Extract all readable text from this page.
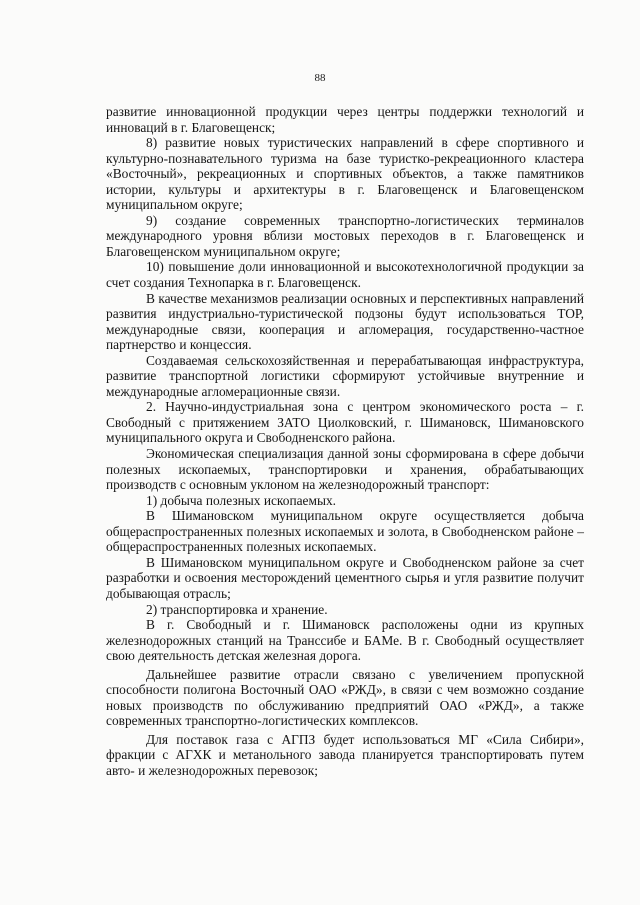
88

развитие инновационной продукции через центры поддержки технологий и инноваций в г. Благовещенск;

8) развитие новых туристических направлений в сфере спортивного и культурно-познавательного туризма на базе туристко-рекреационного кластера «Восточный», рекреационных и спортивных объектов, а также памятников истории, культуры и архитектуры в г. Благовещенск и Благовещенском муниципальном округе;

9) создание современных транспортно-логистических терминалов международного уровня вблизи мостовых переходов в г. Благовещенск и Благовещенском муниципальном округе;

10) повышение доли инновационной и высокотехнологичной продукции за счет создания Технопарка в г. Благовещенск.

В качестве механизмов реализации основных и перспективных направлений развития индустриально-туристической подзоны будут использоваться ТОР, международные связи, кооперация и агломерация, государственно-частное партнерство и концессия.

Создаваемая сельскохозяйственная и перерабатывающая инфраструктура, развитие транспортной логистики сформируют устойчивые внутренние и международные агломерационные связи.

2. Научно-индустриальная зона с центром экономического роста – г. Свободный с притяжением ЗАТО Циолковский, г. Шимановск, Шимановского муниципального округа и Свободненского района.

Экономическая специализация данной зоны сформирована в сфере добычи полезных ископаемых, транспортировки и хранения, обрабатывающих производств с основным уклоном на железнодорожный транспорт:

1) добыча полезных ископаемых.

В Шимановском муниципальном округе осуществляется добыча общераспространенных полезных ископаемых и золота, в Свободненском районе – общераспространенных полезных ископаемых.

В Шимановском муниципальном округе и Свободненском районе за счет разработки и освоения месторождений цементного сырья и угля развитие получит добывающая отрасль;

2) транспортировка и хранение.

В г. Свободный и г. Шимановск расположены одни из крупных железнодорожных станций на Транссибе и БАМе. В г. Свободный осуществляет свою деятельность детская железная дорога.

Дальнейшее развитие отрасли связано с увеличением пропускной способности полигона Восточный ОАО «РЖД», в связи с чем возможно создание новых производств по обслуживанию предприятий ОАО «РЖД», а также современных транспортно-логистических комплексов.

Для поставок газа с АГПЗ будет использоваться МГ «Сила Сибири», фракции с АГХК и метанольного завода планируется транспортировать путем авто- и железнодорожных перевозок;
